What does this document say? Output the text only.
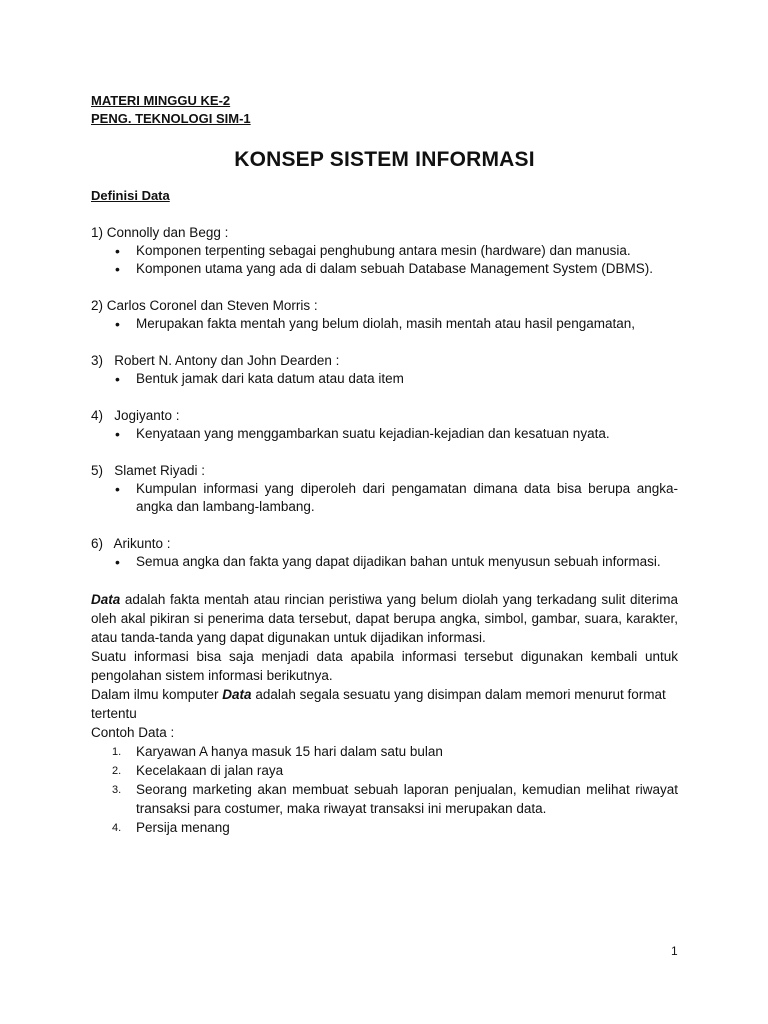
MATERI MINGGU KE-2
PENG. TEKNOLOGI SIM-1
KONSEP SISTEM INFORMASI
Definisi Data
1) Connolly dan Begg :
• Komponen terpenting sebagai penghubung antara mesin (hardware) dan manusia.
• Komponen utama yang ada di dalam sebuah Database Management System (DBMS).
2) Carlos Coronel dan Steven Morris :
• Merupakan fakta mentah yang belum diolah, masih mentah atau hasil pengamatan,
3)   Robert N. Antony dan John Dearden :
• Bentuk jamak dari kata datum atau data item
4)   Jogiyanto :
• Kenyataan yang menggambarkan suatu kejadian-kejadian dan kesatuan nyata.
5)   Slamet Riyadi :
• Kumpulan informasi yang diperoleh dari pengamatan dimana data bisa berupa angka-angka dan lambang-lambang.
6)   Arikunto :
• Semua angka dan fakta yang dapat dijadikan bahan untuk menyusun sebuah informasi.
Data adalah fakta mentah atau rincian peristiwa yang belum diolah yang terkadang sulit diterima oleh akal pikiran si penerima data tersebut, dapat berupa angka, simbol, gambar, suara, karakter, atau tanda-tanda yang dapat digunakan untuk dijadikan informasi.
Suatu informasi bisa saja menjadi data apabila informasi tersebut digunakan kembali untuk pengolahan sistem informasi berikutnya.
Dalam ilmu komputer Data adalah segala sesuatu yang disimpan dalam memori menurut format tertentu
Contoh Data :
1. Karyawan A hanya masuk 15 hari dalam satu bulan
2. Kecelakaan di jalan raya
3. Seorang marketing akan membuat sebuah laporan penjualan, kemudian melihat riwayat transaksi para costumer, maka riwayat transaksi ini merupakan data.
4. Persija menang
1
